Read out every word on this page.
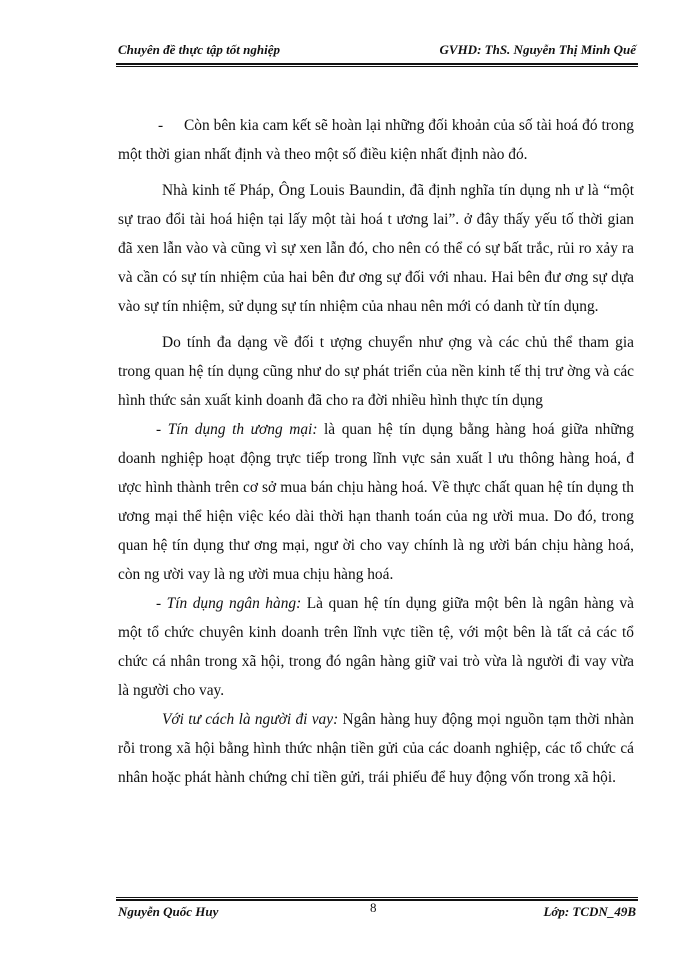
Chuyên đề thực tập tốt nghiệp	GVHD: ThS. Nguyễn Thị Minh Quế

- Còn bên kia cam kết sẽ hoàn lại những đối khoản của số tài hoá đó trong một thời gian nhất định và theo một số điều kiện nhất định nào đó.

Nhà kinh tế Pháp, Ông Louis Baundin, đã định nghĩa tín dụng nh ư là “một sự trao đổi tài hoá hiện tại lấy một tài hoá t ương lai”. ở đây thấy yếu tố thời gian đã xen lẫn vào và cũng vì sự xen lẫn đó, cho nên có thể có sự bất trắc, rủi ro xảy ra và cần có sự tín nhiệm của hai bên đư ơng sự đối với nhau. Hai bên đư ơng sự dựa vào sự tín nhiệm, sử dụng sự tín nhiệm của nhau nên mới có danh từ tín dụng.

Do tính đa dạng về đối t ượng chuyển như ợng và các chủ thể tham gia trong quan hệ tín dụng cũng như do sự phát triển của nền kinh tế thị trư ờng và các hình thức sản xuất kinh doanh đã cho ra đời nhiều hình thực tín dụng

- Tín dụng th ương mại: là quan hệ tín dụng bằng hàng hoá giữa những doanh nghiệp hoạt động trực tiếp trong lĩnh vực sản xuất l ưu thông hàng hoá, đ ược hình thành trên cơ sở mua bán chịu hàng hoá. Về thực chất quan hệ tín dụng th ương mại thể hiện việc kéo dài thời hạn thanh toán của ng ười mua. Do đó, trong quan hệ tín dụng thư ơng mại, ngư ời cho vay chính là ng ười bán chịu hàng hoá, còn ng ười vay là ng ười mua chịu hàng hoá.

- Tín dụng ngân hàng: Là quan hệ tín dụng giữa một bên là ngân hàng và một tổ chức chuyên kinh doanh trên lĩnh vực tiền tệ, với một bên là tất cả các tổ chức cá nhân trong xã hội, trong đó ngân hàng giữ vai trò vừa là người đi vay vừa là người cho vay.

Với tư cách là người đi vay: Ngân hàng huy động mọi nguồn tạm thời nhàn rỗi trong xã hội bằng hình thức nhận tiền gửi của các doanh nghiệp, các tổ chức cá nhân hoặc phát hành chứng chỉ tiền gửi, trái phiếu để huy động vốn trong xã hội.

Nguyễn Quốc Huy	Lớp: TCDN_49B
8
